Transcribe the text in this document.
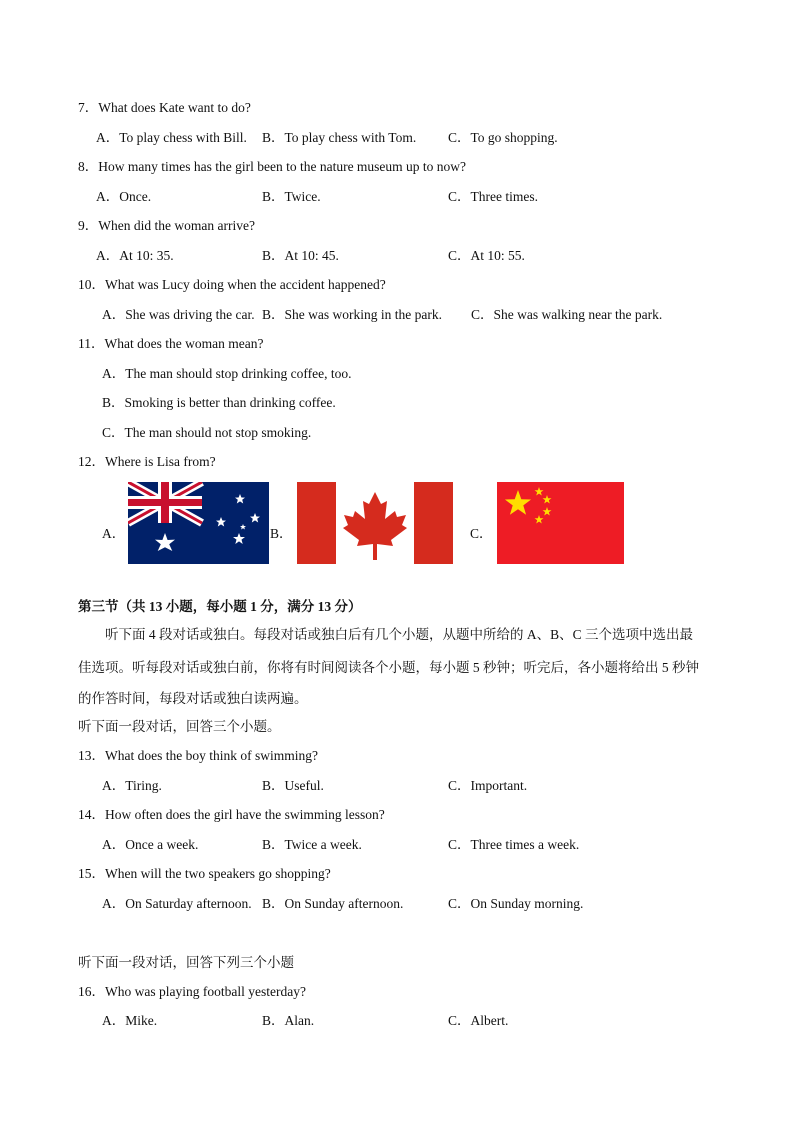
7．What does Kate want to do?
A．To play chess with Bill. B．To play chess with Tom. C．To go shopping.
8．How many times has the girl been to the nature museum up to now?
A．Once.	B．Twice.	C．Three times.
9．When did the woman arrive?
A．At 10: 35.	B．At 10: 45.	C．At 10: 55.
10．What was Lucy doing when the accident happened?
A．She was driving the car. B．She was working in the park. C．She was walking near the park.
11．What does the woman mean?
A．The man should stop drinking coffee, too.
B．Smoking is better than drinking coffee.
C．The man should not stop smoking.
12．Where is Lisa from?
A．	B．	C．
第三节（共 13 小题，每小题 1 分，满分 13 分）
听下面 4 段对话或独白。每段对话或独白后有几个小题，从题中所给的 A、B、C 三个选项中选出最
佳选项。听每段对话或独白前，你将有时间阅读各个小题，每小题 5 秒钟；听完后，各小题将给出 5 秒钟
的作答时间，每段对话或独白读两遍。
听下面一段对话，回答三个小题。
13．What does the boy think of swimming?
A．Tiring.	B．Useful.	C．Important.
14．How often does the girl have the swimming lesson?
A．Once a week.	B．Twice a week.	C．Three times a week.
15．When will the two speakers go shopping?
A．On Saturday afternoon. B．On Sunday afternoon.	C．On Sunday morning.
听下面一段对话，回答下列三个小题
16．Who was playing football yesterday?
A．Mike.	B．Alan.	C．Albert.
